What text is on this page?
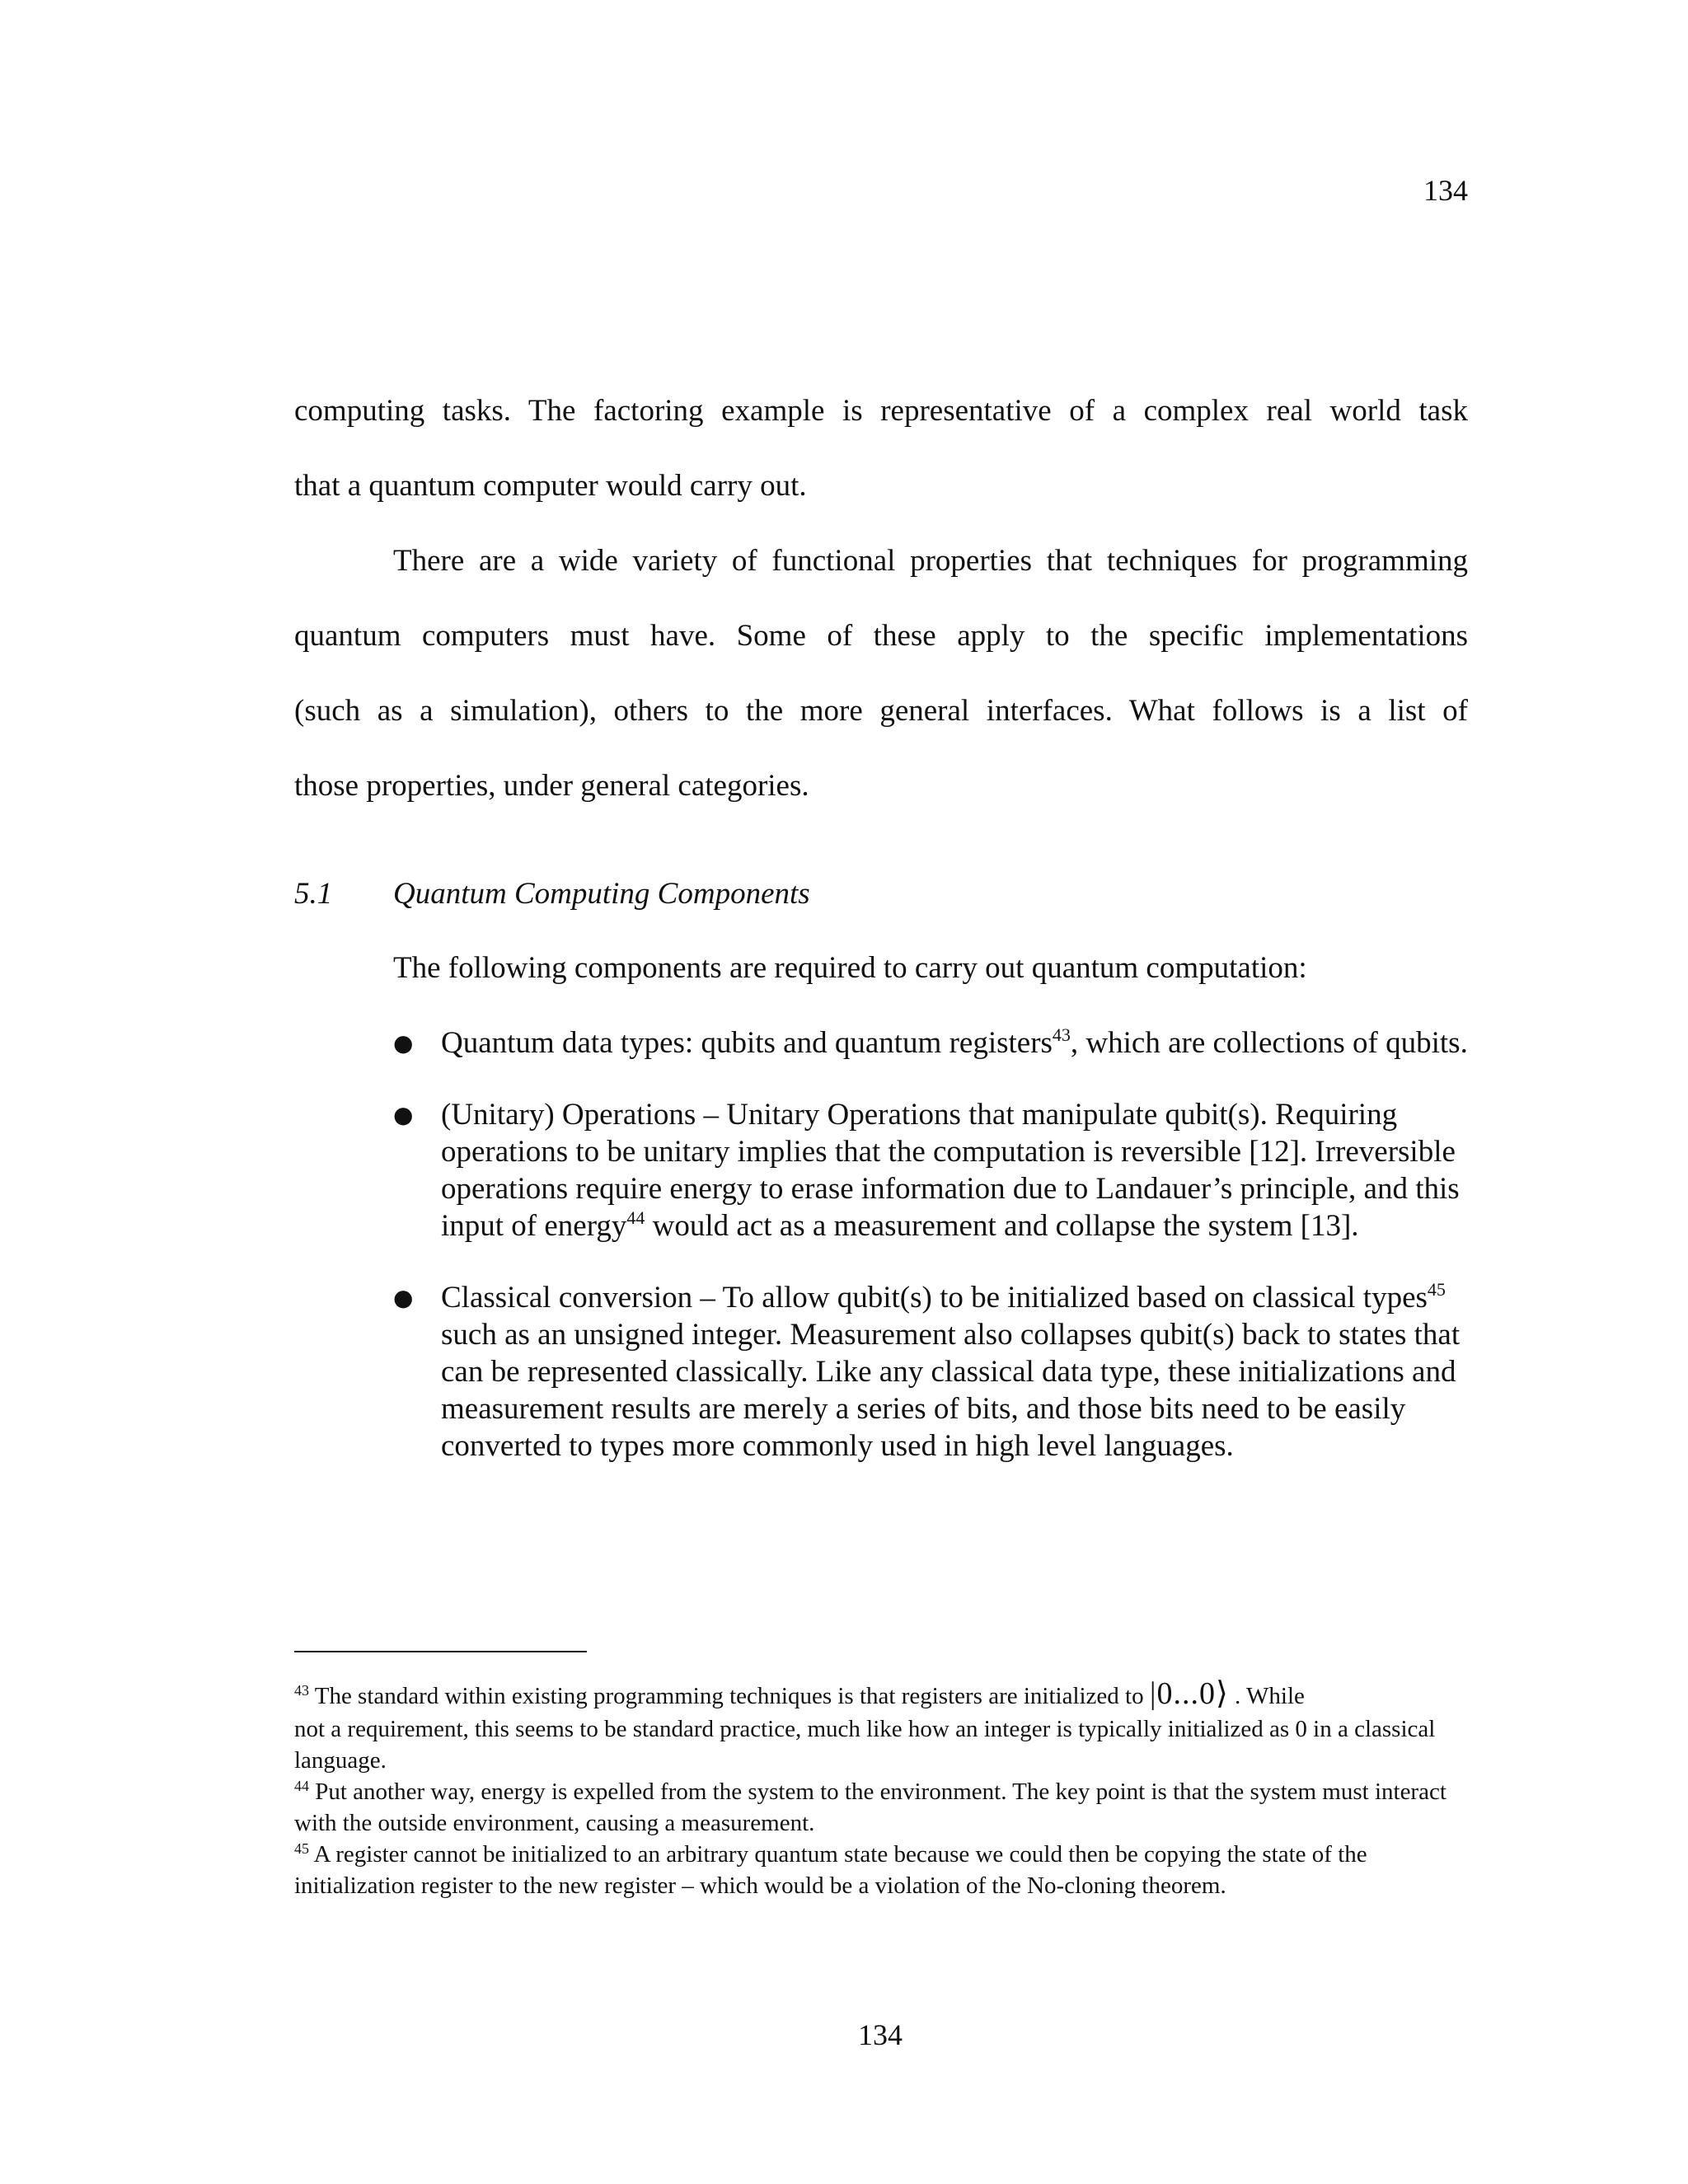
134
computing tasks. The factoring example is representative of a complex real world task
that a quantum computer would carry out.
There are a wide variety of functional properties that techniques for programming
quantum computers must have. Some of these apply to the specific implementations
(such as a simulation), others to the more general interfaces. What follows is a list of
those properties, under general categories.
5.1 Quantum Computing Components
The following components are required to carry out quantum computation:
● Quantum data types: qubits and quantum registers$^{43}$, which are collections of qubits.
● (Unitary) Operations – Unitary Operations that manipulate qubit(s). Requiring operations to be unitary implies that the computation is reversible [12]. Irreversible operations require energy to erase information due to Landauer’s principle, and this input of energy$^{44}$ would act as a measurement and collapse the system [13].
● Classical conversion – To allow qubit(s) to be initialized based on classical types$^{45}$ such as an unsigned integer. Measurement also collapses qubit(s) back to states that can be represented classically. Like any classical data type, these initializations and measurement results are merely a series of bits, and those bits need to be easily converted to types more commonly used in high level languages.

$^{43}$ The standard within existing programming techniques is that registers are initialized to |0...0⟩ . While
not a requirement, this seems to be standard practice, much like how an integer is typically initialized as 0 in a classical language.

$^{44}$ Put another way, energy is expelled from the system to the environment. The key point is that the system must interact with the outside environment, causing a measurement.

$^{45}$ A register cannot be initialized to an arbitrary quantum state because we could then be copying the state of the initialization register to the new register – which would be a violation of the No-cloning theorem.

134
